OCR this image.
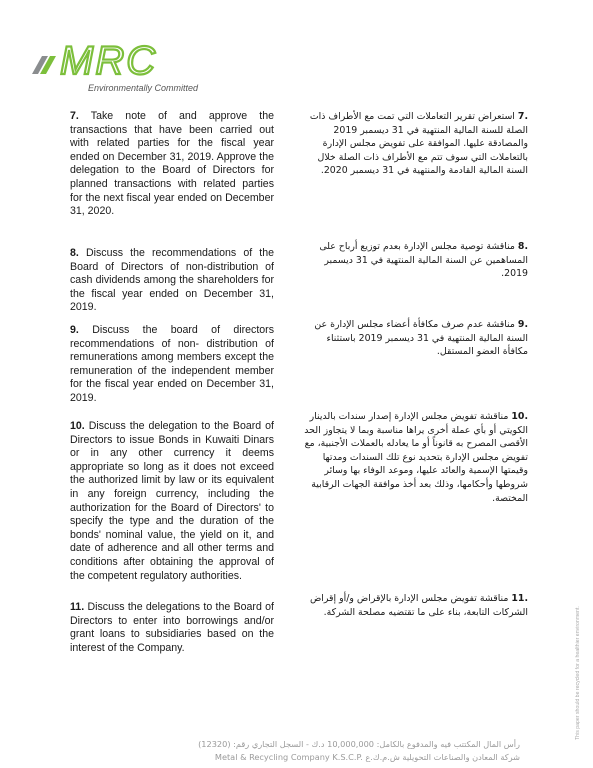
MRC
Environmentally Committed
7. Take note of and approve the transactions that have been carried out with related parties for the fiscal year ended on December 31, 2019. Approve the delegation to the Board of Directors for planned transactions with related parties for the next fiscal year ended on December 31, 2020.
.7 استعراض تقرير التعاملات التي تمت مع الأطراف ذات الصلة للسنة المالية المنتهية في 31 ديسمبر 2019 والمصادقة عليها. الموافقة على تفويض مجلس الإدارة بالتعاملات التي سوف تتم مع الأطراف ذات الصلة خلال السنة المالية القادمة والمنتهية في 31 ديسمبر 2020.
8. Discuss the recommendations of the Board of Directors of non-distribution of cash dividends among the shareholders for the fiscal year ended on December 31, 2019.
.8 مناقشة توصية مجلس الإدارة بعدم توزيع أرباح على المساهمين عن السنة المالية المنتهية في 31 ديسمبر 2019.
9. Discuss the board of directors recommendations of non- distribution of remunerations among members except the remuneration of the independent member for the fiscal year ended on December 31, 2019.
.9 مناقشة عدم صرف مكافأة أعضاء مجلس الإدارة عن السنة المالية المنتهية في 31 ديسمبر 2019 باستثناء مكافأة العضو المستقل.
10. Discuss the delegation to the Board of Directors to issue Bonds in Kuwaiti Dinars or in any other currency it deems appropriate so long as it does not exceed the authorized limit by law or its equivalent in any foreign currency, including the authorization for the Board of Directors' to specify the type and the duration of the bonds' nominal value, the yield on it, and date of adherence and all other terms and conditions after obtaining the approval of the competent regulatory authorities.
.10 مناقشة تفويض مجلس الإدارة إصدار سندات بالدينار الكويتي أو بأي عملة أخرى يراها مناسبة وبما لا يتجاوز الحد الأقصى المصرح به قانوناً أو ما يعادله بالعملات الأجنبية، مع تفويض مجلس الإدارة بتحديد نوع تلك السندات ومدتها وقيمتها الإسمية والعائد عليها، وموعد الوفاء بها وسائر شروطها وأحكامها، وذلك بعد أخذ موافقة الجهات الرقابية المختصة.
11. Discuss the delegations to the Board of Directors to enter into borrowings and/or grant loans to subsidiaries based on the interest of the Company.
.11 مناقشة تفويض مجلس الإدارة بالإقراض و/أو إقراض الشركات التابعة، بناء على ما تقتضيه مصلحة الشركة.
رأس المال المكتتب فيه والمدفوع بالكامل: 10,000,000 د.ك - السجل التجاري رقم: (12320)
Metal & Recycling Company K.S.C.P. شركة المعادن والصناعات التحويلية ش.م.ك.ع
This paper should be recycled for a healthier environment.
